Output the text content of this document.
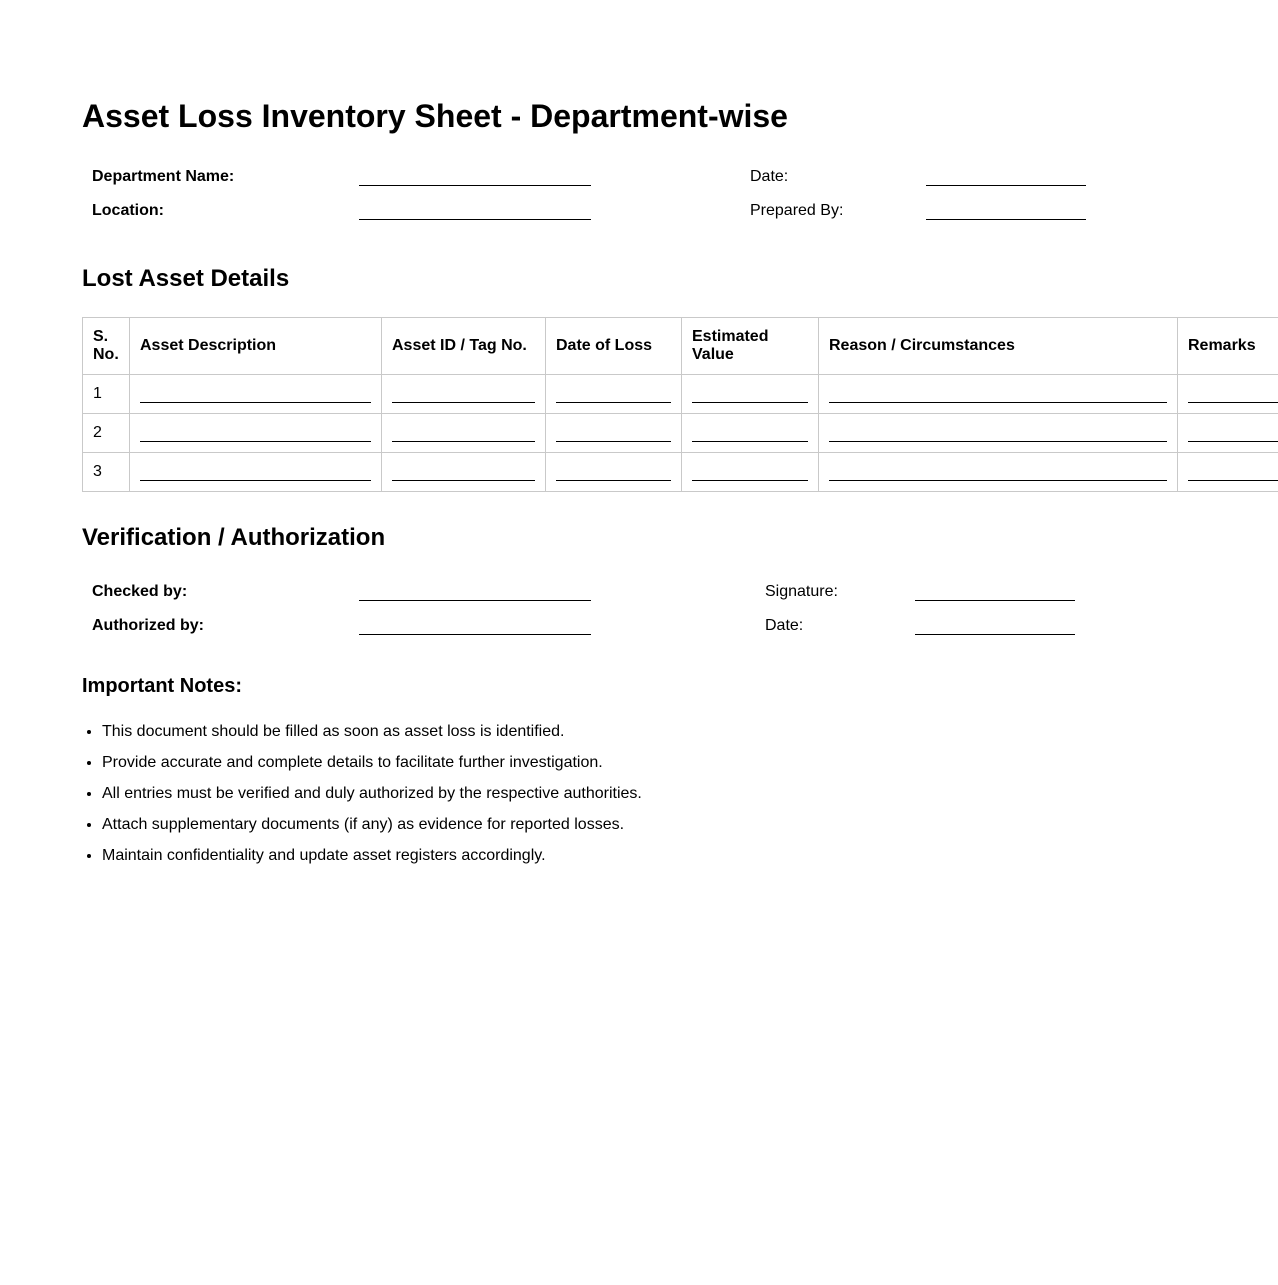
Asset Loss Inventory Sheet - Department-wise
Department Name:	Date:
Location:	Prepared By:
Lost Asset Details
S. No.	Asset Description	Asset ID / Tag No.	Date of Loss	Estimated Value	Reason / Circumstances	Remarks
1	

2	

3	

Verification / Authorization
Checked by:	Signature:
Authorized by:	Date:
Important Notes:
• This document should be filled as soon as asset loss is identified.
• Provide accurate and complete details to facilitate further investigation.
• All entries must be verified and duly authorized by the respective authorities.
• Attach supplementary documents (if any) as evidence for reported losses.
• Maintain confidentiality and update asset registers accordingly.
